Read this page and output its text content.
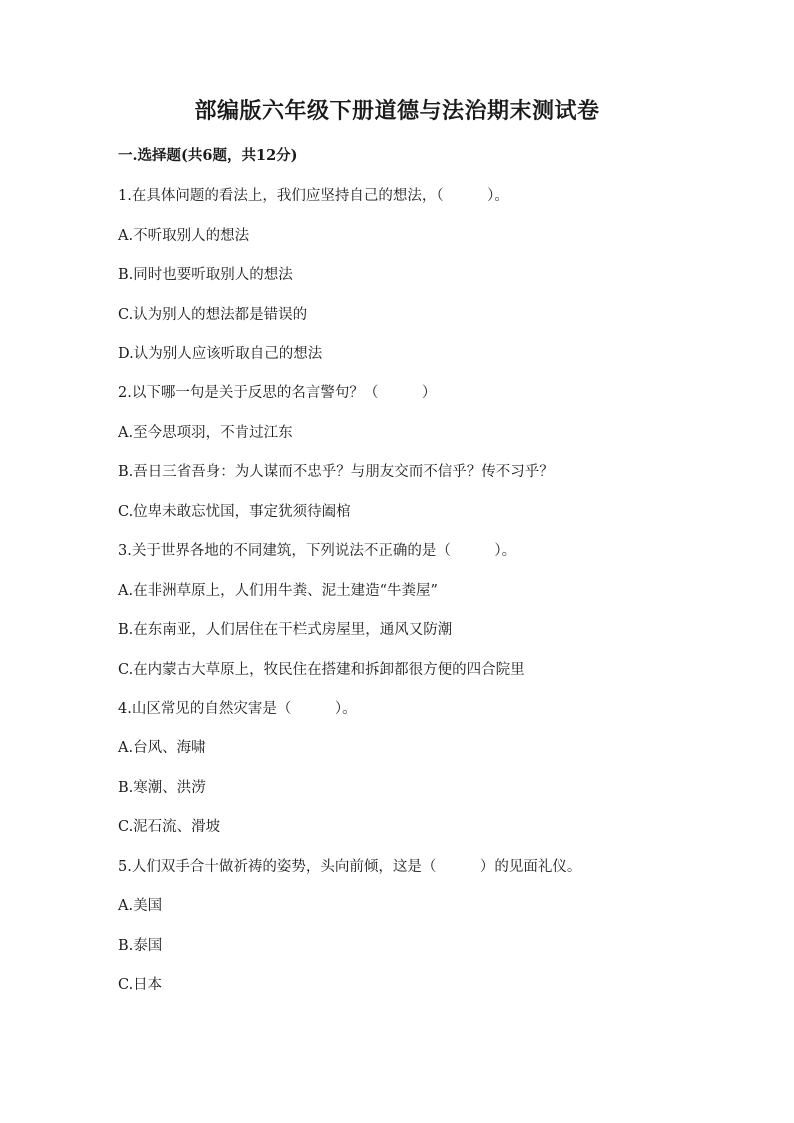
部编版六年级下册道德与法治期末测试卷
一.选择题(共6题，共12分)
1.在具体问题的看法上，我们应坚持自己的想法，（　　　）。
A.不听取别人的想法
B.同时也要听取别人的想法
C.认为别人的想法都是错误的
D.认为别人应该听取自己的想法
2.以下哪一句是关于反思的名言警句？（　　　）
A.至今思项羽，不肯过江东
B.吾日三省吾身：为人谋而不忠乎？与朋友交而不信乎？传不习乎？
C.位卑未敢忘忧国，事定犹须待阖棺
3.关于世界各地的不同建筑，下列说法不正确的是（　　　）。
A.在非洲草原上，人们用牛粪、泥土建造“牛粪屋”
B.在东南亚，人们居住在干栏式房屋里，通风又防潮
C.在内蒙古大草原上，牧民住在搭建和拆卸都很方便的四合院里
4.山区常见的自然灾害是（　　　）。
A.台风、海啸
B.寒潮、洪涝
C.泥石流、滑坡
5.人们双手合十做祈祷的姿势，头向前倾，这是（　　　）的见面礼仪。
A.美国
B.泰国
C.日本
